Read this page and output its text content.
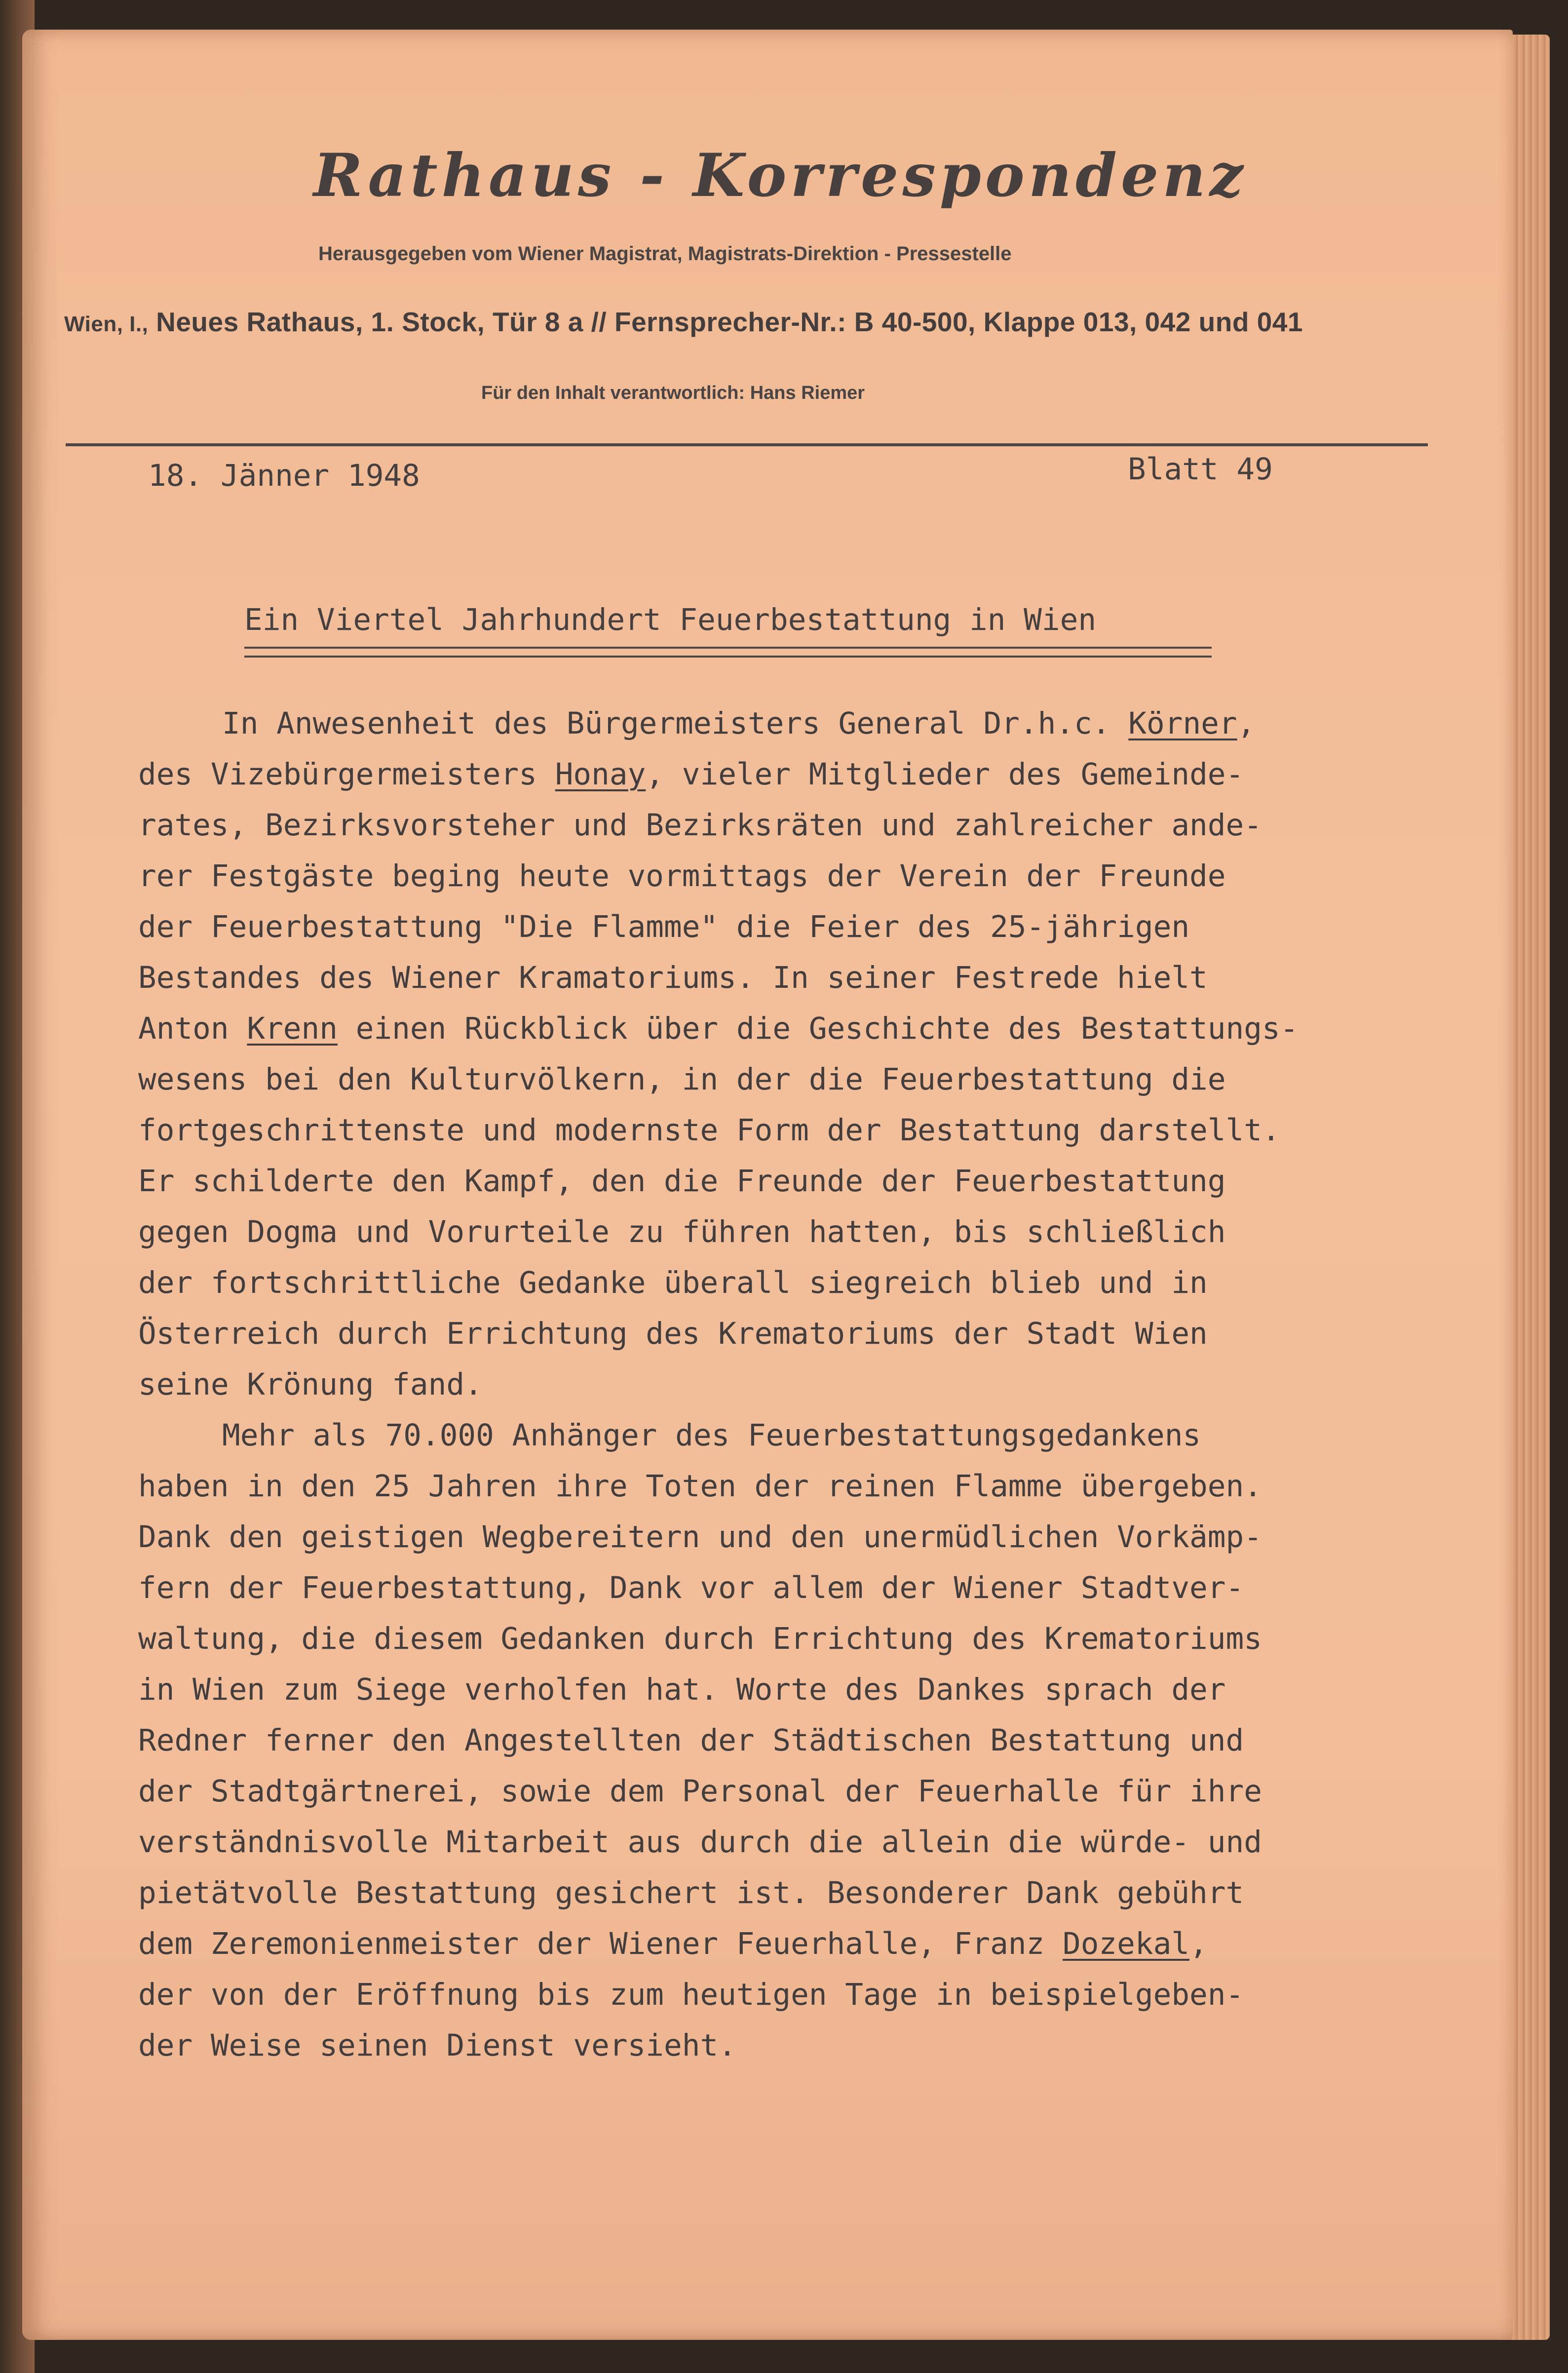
Rathaus - Korrespondenz
Herausgegeben vom Wiener Magistrat, Magistrats-Direktion - Pressestelle
Wien, I., Neues Rathaus, 1. Stock, Tür 8 a // Fernsprecher-Nr.: B 40-500, Klappe 013, 042 und 041
Für den Inhalt verantwortlich: Hans Riemer
18. Jänner 1948	Blatt 49
Ein Viertel Jahrhundert Feuerbestattung in Wien
In Anwesenheit des Bürgermeisters General Dr.h.c. Körner,
des Vizebürgermeisters Honay, vieler Mitglieder des Gemeinde-
rates, Bezirksvorsteher und Bezirksräten und zahlreicher ande-
rer Festgäste beging heute vormittags der Verein der Freunde
der Feuerbestattung "Die Flamme" die Feier des 25-jährigen
Bestandes des Wiener Kramatoriums. In seiner Festrede hielt
Anton Krenn einen Rückblick über die Geschichte des Bestattungs-
wesens bei den Kulturvölkern, in der die Feuerbestattung die
fortgeschrittenste und modernste Form der Bestattung darstellt.
Er schilderte den Kampf, den die Freunde der Feuerbestattung
gegen Dogma und Vorurteile zu führen hatten, bis schließlich
der fortschrittliche Gedanke überall siegreich blieb und in
Österreich durch Errichtung des Krematoriums der Stadt Wien
seine Krönung fand.
Mehr als 70.000 Anhänger des Feuerbestattungsgedankens
haben in den 25 Jahren ihre Toten der reinen Flamme übergeben.
Dank den geistigen Wegbereitern und den unermüdlichen Vorkämp-
fern der Feuerbestattung, Dank vor allem der Wiener Stadtver-
waltung, die diesem Gedanken durch Errichtung des Krematoriums
in Wien zum Siege verholfen hat. Worte des Dankes sprach der
Redner ferner den Angestellten der Städtischen Bestattung und
der Stadtgärtnerei, sowie dem Personal der Feuerhalle für ihre
verständnisvolle Mitarbeit aus durch die allein die würde- und
pietätvolle Bestattung gesichert ist. Besonderer Dank gebührt
dem Zeremonienmeister der Wiener Feuerhalle, Franz Dozekal,
der von der Eröffnung bis zum heutigen Tage in beispielgeben-
der Weise seinen Dienst versieht.
